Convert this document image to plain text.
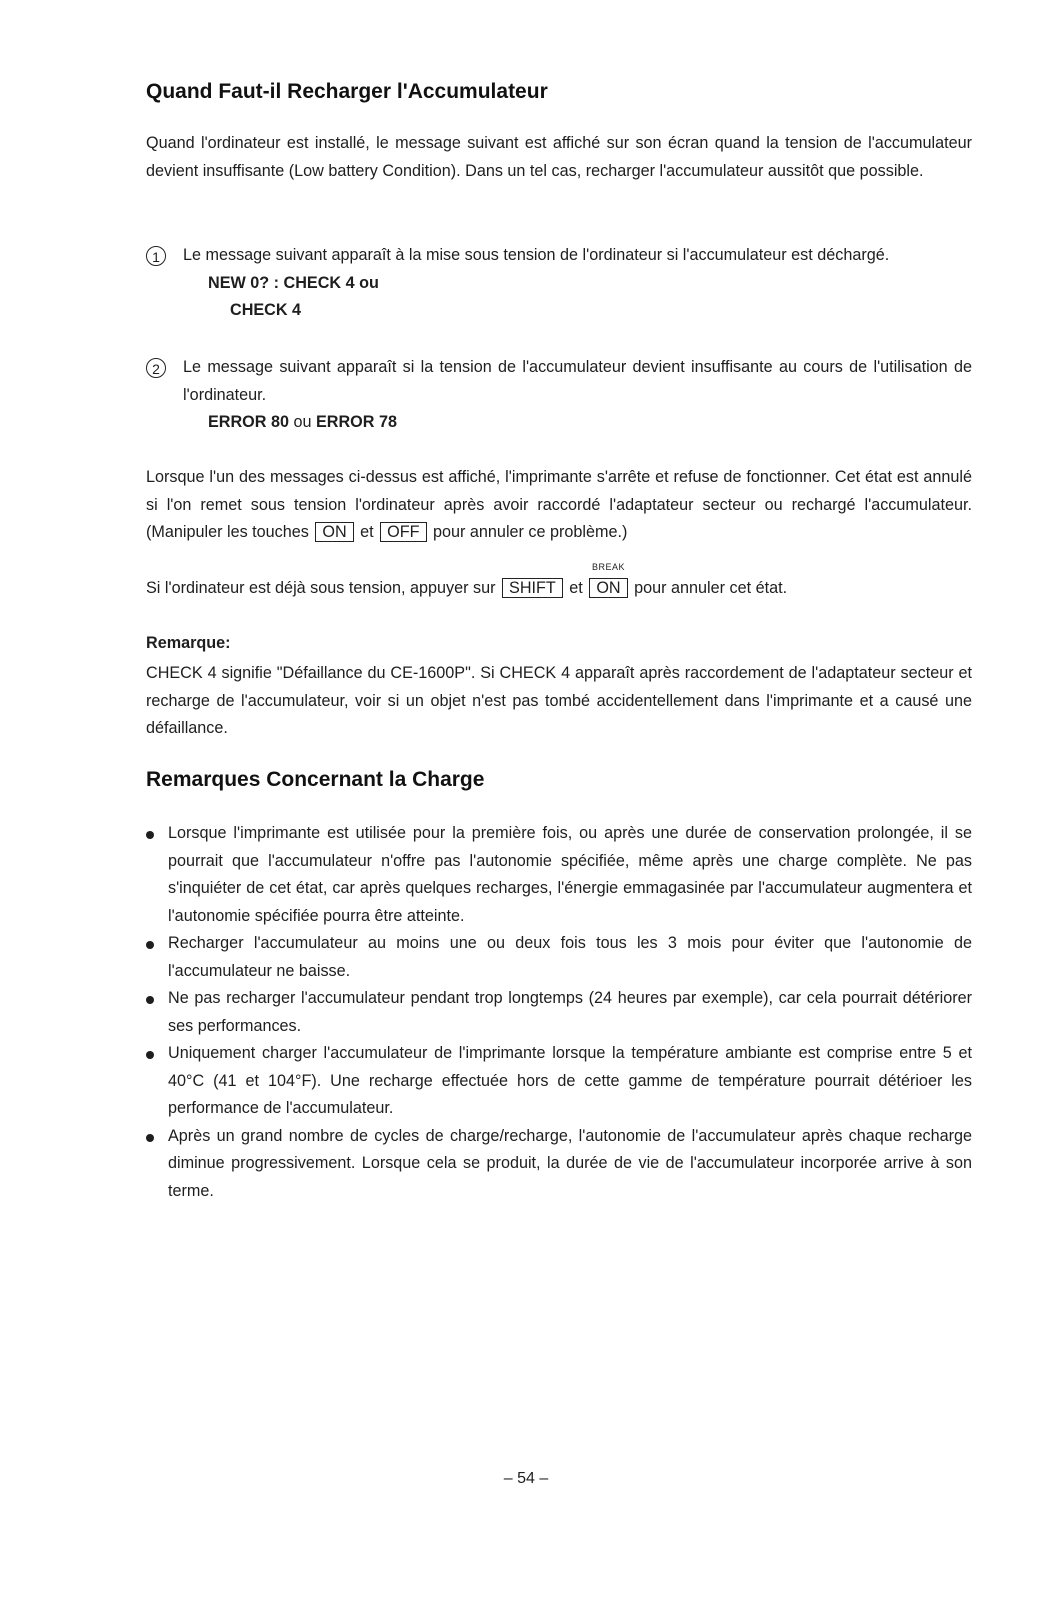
Quand Faut-il Recharger l'Accumulateur

Quand l'ordinateur est installé, le message suivant est affiché sur son écran quand la tension de l'accumulateur devient insuffisante (Low battery Condition). Dans un tel cas, recharger l'accumulateur aussitôt que possible.

1	Le message suivant apparaît à la mise sous tension de l'ordinateur si l'accumulateur est déchargé.

NEW 0? : CHECK 4 ou
CHECK 4
2	Le message suivant apparaît si la tension de l'accumulateur devient insuffisante au cours de l'utilisation de l'ordinateur.

ERROR 80 ou ERROR 78

Lorsque l'un des messages ci-dessus est affiché, l'imprimante s'arrête et refuse de fonctionner. Cet état est annulé si l'on remet sous tension l'ordinateur après avoir raccordé l'adaptateur secteur ou rechargé l'accumulateur. (Manipuler les touches ON et OFF pour annuler ce problème.)

Si l'ordinateur est déjà sous tension, appuyer sur SHIFT et
BREAK
ON pour annuler cet état.

Remarque:

CHECK 4 signifie "Défaillance du CE-1600P". Si CHECK 4 apparaît après raccordement de l'adaptateur secteur et recharge de l'accumulateur, voir si un objet n'est pas tombé accidentellement dans l'imprimante et a causé une défaillance.

Remarques Concernant la Charge
Lorsque l'imprimante est utilisée pour la première fois, ou après une durée de conservation prolongée, il se pourrait que l'accumulateur n'offre pas l'autonomie spécifiée, même après une charge complète. Ne pas s'inquiéter de cet état, car après quelques recharges, l'énergie emmagasinée par l'accumulateur augmentera et l'autonomie spécifiée pourra être atteinte.
Recharger l'accumulateur au moins une ou deux fois tous les 3 mois pour éviter que l'autonomie de l'accumulateur ne baisse.
Ne pas recharger l'accumulateur pendant trop longtemps (24 heures par exemple), car cela pourrait détériorer ses performances.
Uniquement charger l'accumulateur de l'imprimante lorsque la température ambiante est comprise entre 5 et 40°C (41 et 104°F). Une recharge effectuée hors de cette gamme de température pourrait détérioer les performance de l'accumulateur.
Après un grand nombre de cycles de charge/recharge, l'autonomie de l'accumulateur après chaque recharge diminue progressivement. Lorsque cela se produit, la durée de vie de l'accumulateur incorporée arrive à son terme.
– 54 –
